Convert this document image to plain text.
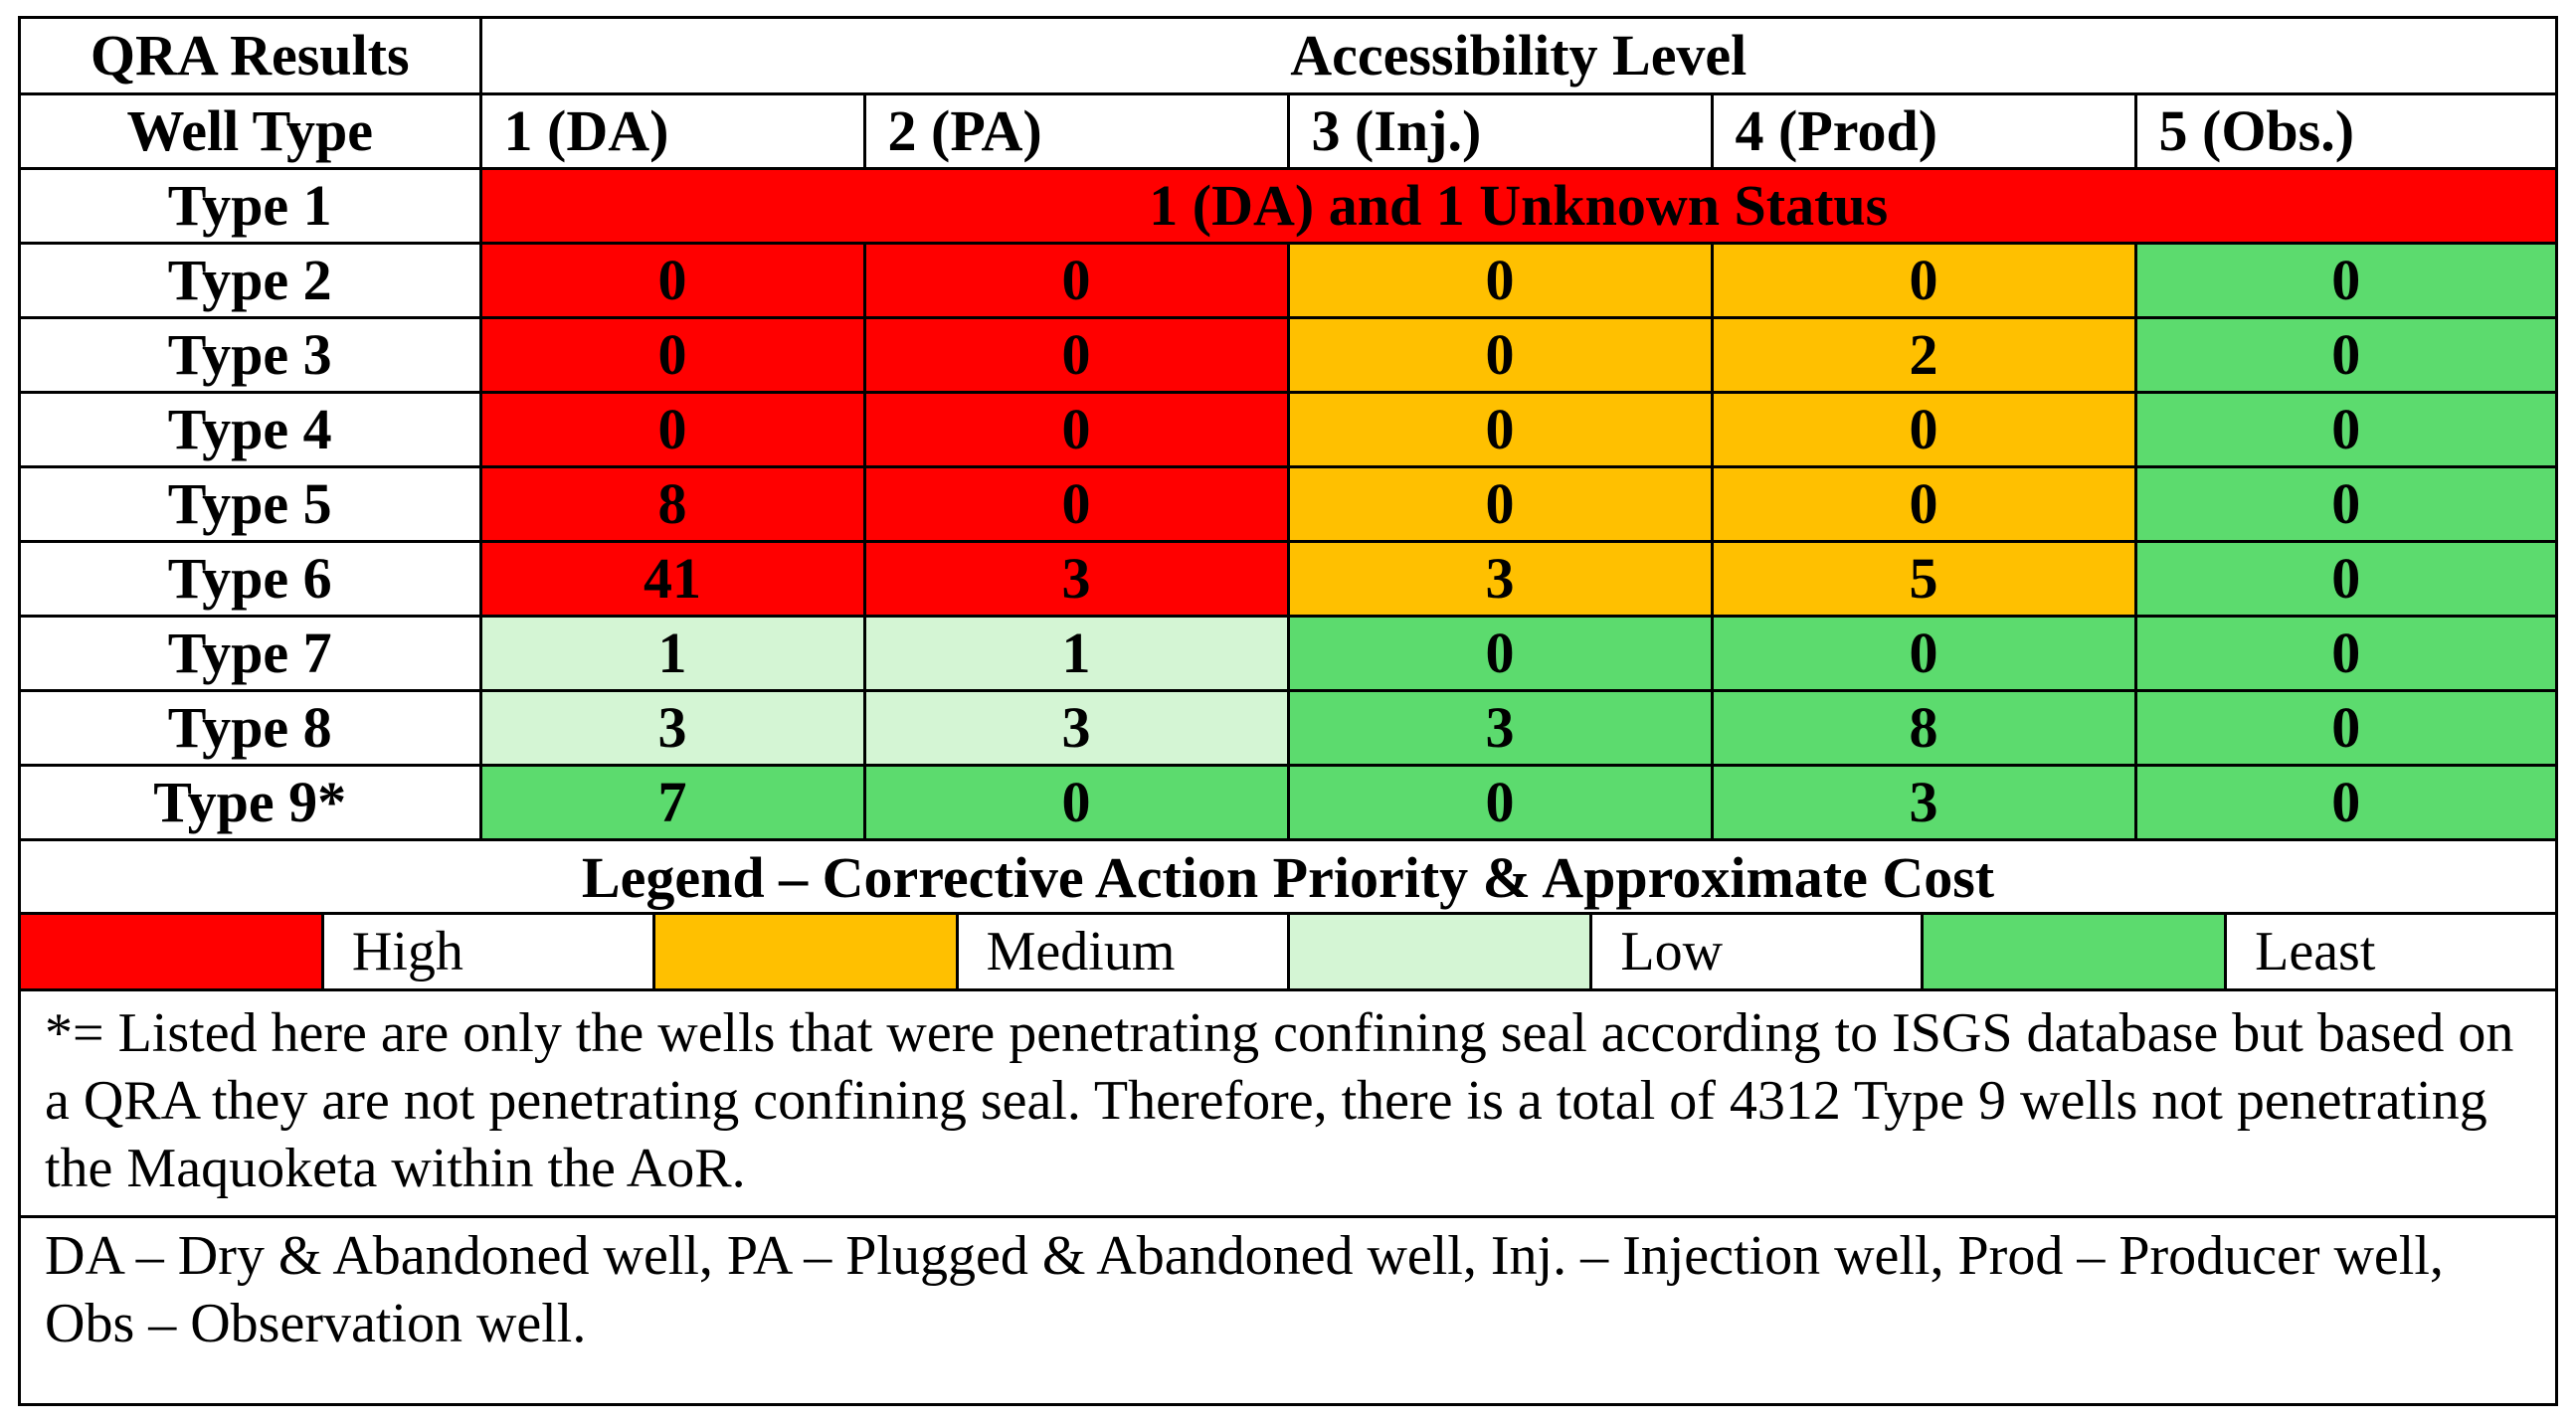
QRA Results	Accessibility Level				
Well Type	1 (DA)	2 (PA)	3 (Inj.)	4 (Prod)	5 (Obs.)
Type 1	1 (DA) and 1 Unknown Status				
Type 2	0	0	0	0	0
Type 3	0	0	0	2	0
Type 4	0	0	0	0	0
Type 5	8	0	0	0	0
Type 6	41	3	3	5	0
Type 7	1	1	0	0	0
Type 8	3	3	3	8	0
Type 9*	7	0	0	3	0
Legend – Corrective Action Priority & Approximate Cost
High	Medium	Low	Least
*= Listed here are only the wells that were penetrating confining seal according to ISGS database but based on a QRA they are not penetrating confining seal. Therefore, there is a total of 4312 Type 9 wells not penetrating the Maquoketa within the AoR.
DA – Dry & Abandoned well, PA – Plugged & Abandoned well, Inj. – Injection well, Prod – Producer well, Obs – Observation well.
